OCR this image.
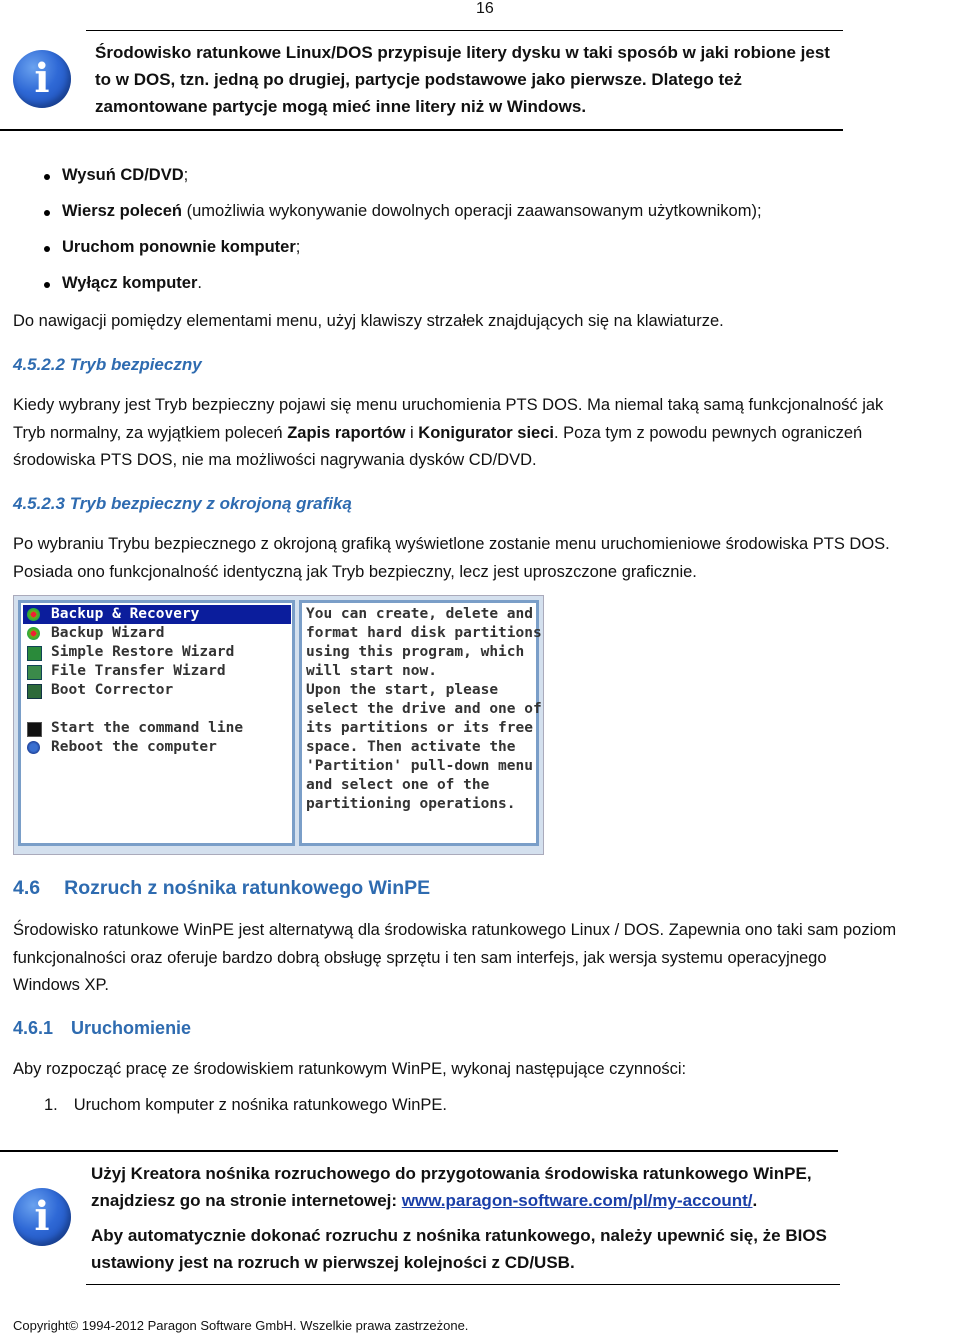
16
i
Środowisko ratunkowe Linux/DOS przypisuje litery dysku w taki sposób w jaki robione jest
to w DOS, tzn. jedną po drugiej, partycje podstawowe jako pierwsze. Dlatego też
zamontowane partycje mogą mieć inne litery niż w Windows.
Wysuń CD/DVD;
Wiersz poleceń (umożliwia wykonywanie dowolnych operacji zaawansowanym użytkownikom);
Uruchom ponownie komputer;
Wyłącz komputer.
Do nawigacji pomiędzy elementami menu, użyj klawiszy strzałek znajdujących się na klawiaturze.
4.5.2.2 Tryb bezpieczny
Kiedy wybrany jest Tryb bezpieczny pojawi się menu uruchomienia PTS DOS. Ma niemal taką samą funkcjonalność jak
Tryb normalny, za wyjątkiem poleceń Zapis raportów i Konigurator sieci. Poza tym z powodu pewnych ograniczeń
środowiska PTS DOS, nie ma możliwości nagrywania dysków CD/DVD.
4.5.2.3 Tryb bezpieczny z okrojoną grafiką
Po wybraniu Trybu bezpiecznego z okrojoną grafiką wyświetlone zostanie menu uruchomieniowe środowiska PTS DOS.
Posiada ono funkcjonalność identyczną jak Tryb bezpieczny, lecz jest uproszczone graficznie.
Backup & Recovery
Backup Wizard
Simple Restore Wizard
File Transfer Wizard
Boot Corrector
Start the command line
Reboot the computer
You can create, delete and
format hard disk partitions
using this program, which
will start now.
Upon the start, please
select the drive and one of
its partitions or its free
space. Then activate the
'Partition' pull-down menu
and select one of the
partitioning operations.
4.6 Rozruch z nośnika ratunkowego WinPE
Środowisko ratunkowe WinPE jest alternatywą dla środowiska ratunkowego Linux / DOS. Zapewnia ono taki sam poziom
funkcjonalności oraz oferuje bardzo dobrą obsługę sprzętu i ten sam interfejs, jak wersja systemu operacyjnego
Windows XP.
4.6.1 Uruchomienie
Aby rozpocząć pracę ze środowiskiem ratunkowym WinPE, wykonaj następujące czynności:
1. Uruchom komputer z nośnika ratunkowego WinPE.
i
Użyj Kreatora nośnika rozruchowego do przygotowania środowiska ratunkowego WinPE,
znajdziesz go na stronie internetowej: www.paragon-software.com/pl/my-account/.
Aby automatycznie dokonać rozruchu z nośnika ratunkowego, należy upewnić się, że BIOS
ustawiony jest na rozruch w pierwszej kolejności z CD/USB.
Copyright© 1994-2012 Paragon Software GmbH. Wszelkie prawa zastrzeżone.
